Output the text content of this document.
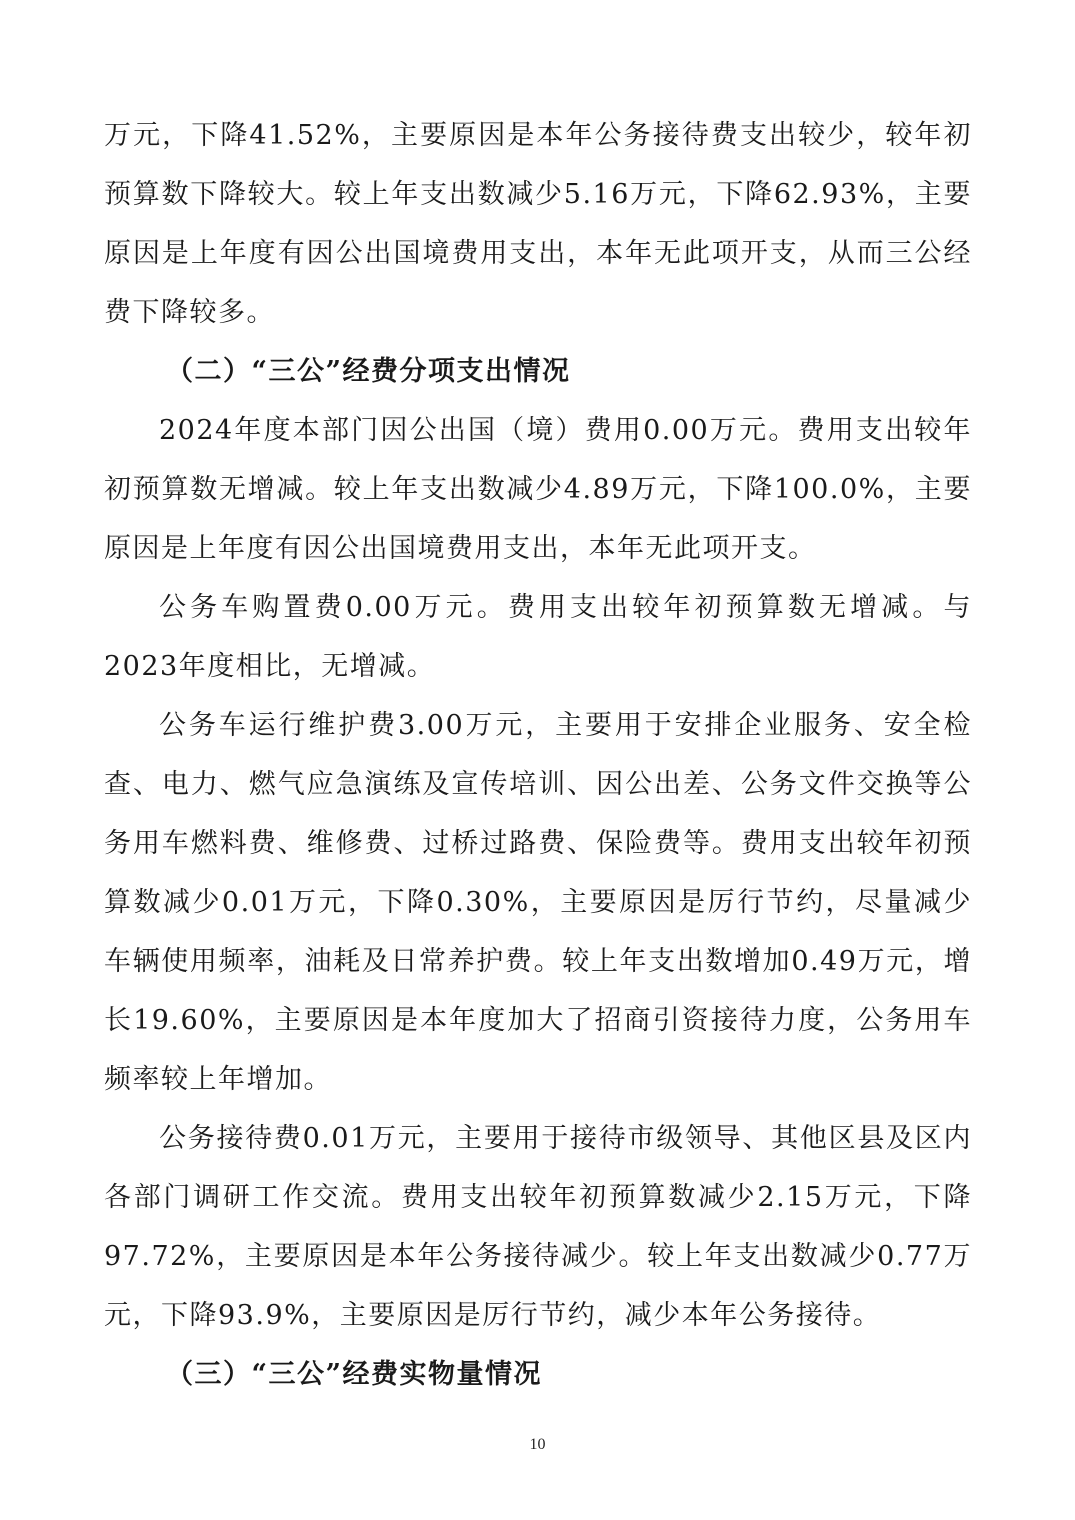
万元，下降41.52%，主要原因是本年公务接待费支出较少，较年初预算数下降较大。较上年支出数减少5.16万元，下降62.93%，主要原因是上年度有因公出国境费用支出，本年无此项开支，从而三公经费下降较多。

（二）“三公”经费分项支出情况

2024年度本部门因公出国（境）费用0.00万元。费用支出较年初预算数无增减。较上年支出数减少4.89万元，下降100.0%，主要原因是上年度有因公出国境费用支出，本年无此项开支。

公务车购置费0.00万元。费用支出较年初预算数无增减。与2023年度相比，无增减。

公务车运行维护费3.00万元，主要用于安排企业服务、安全检查、电力、燃气应急演练及宣传培训、因公出差、公务文件交换等公务用车燃料费、维修费、过桥过路费、保险费等。费用支出较年初预算数减少0.01万元，下降0.30%，主要原因是厉行节约，尽量减少车辆使用频率，油耗及日常养护费。较上年支出数增加0.49万元，增长19.60%，主要原因是本年度加大了招商引资接待力度，公务用车频率较上年增加。

公务接待费0.01万元，主要用于接待市级领导、其他区县及区内各部门调研工作交流。费用支出较年初预算数减少2.15万元，下降97.72%，主要原因是本年公务接待减少。较上年支出数减少0.77万元，下降93.9%，主要原因是厉行节约，减少本年公务接待。

（三）“三公”经费实物量情况

10
